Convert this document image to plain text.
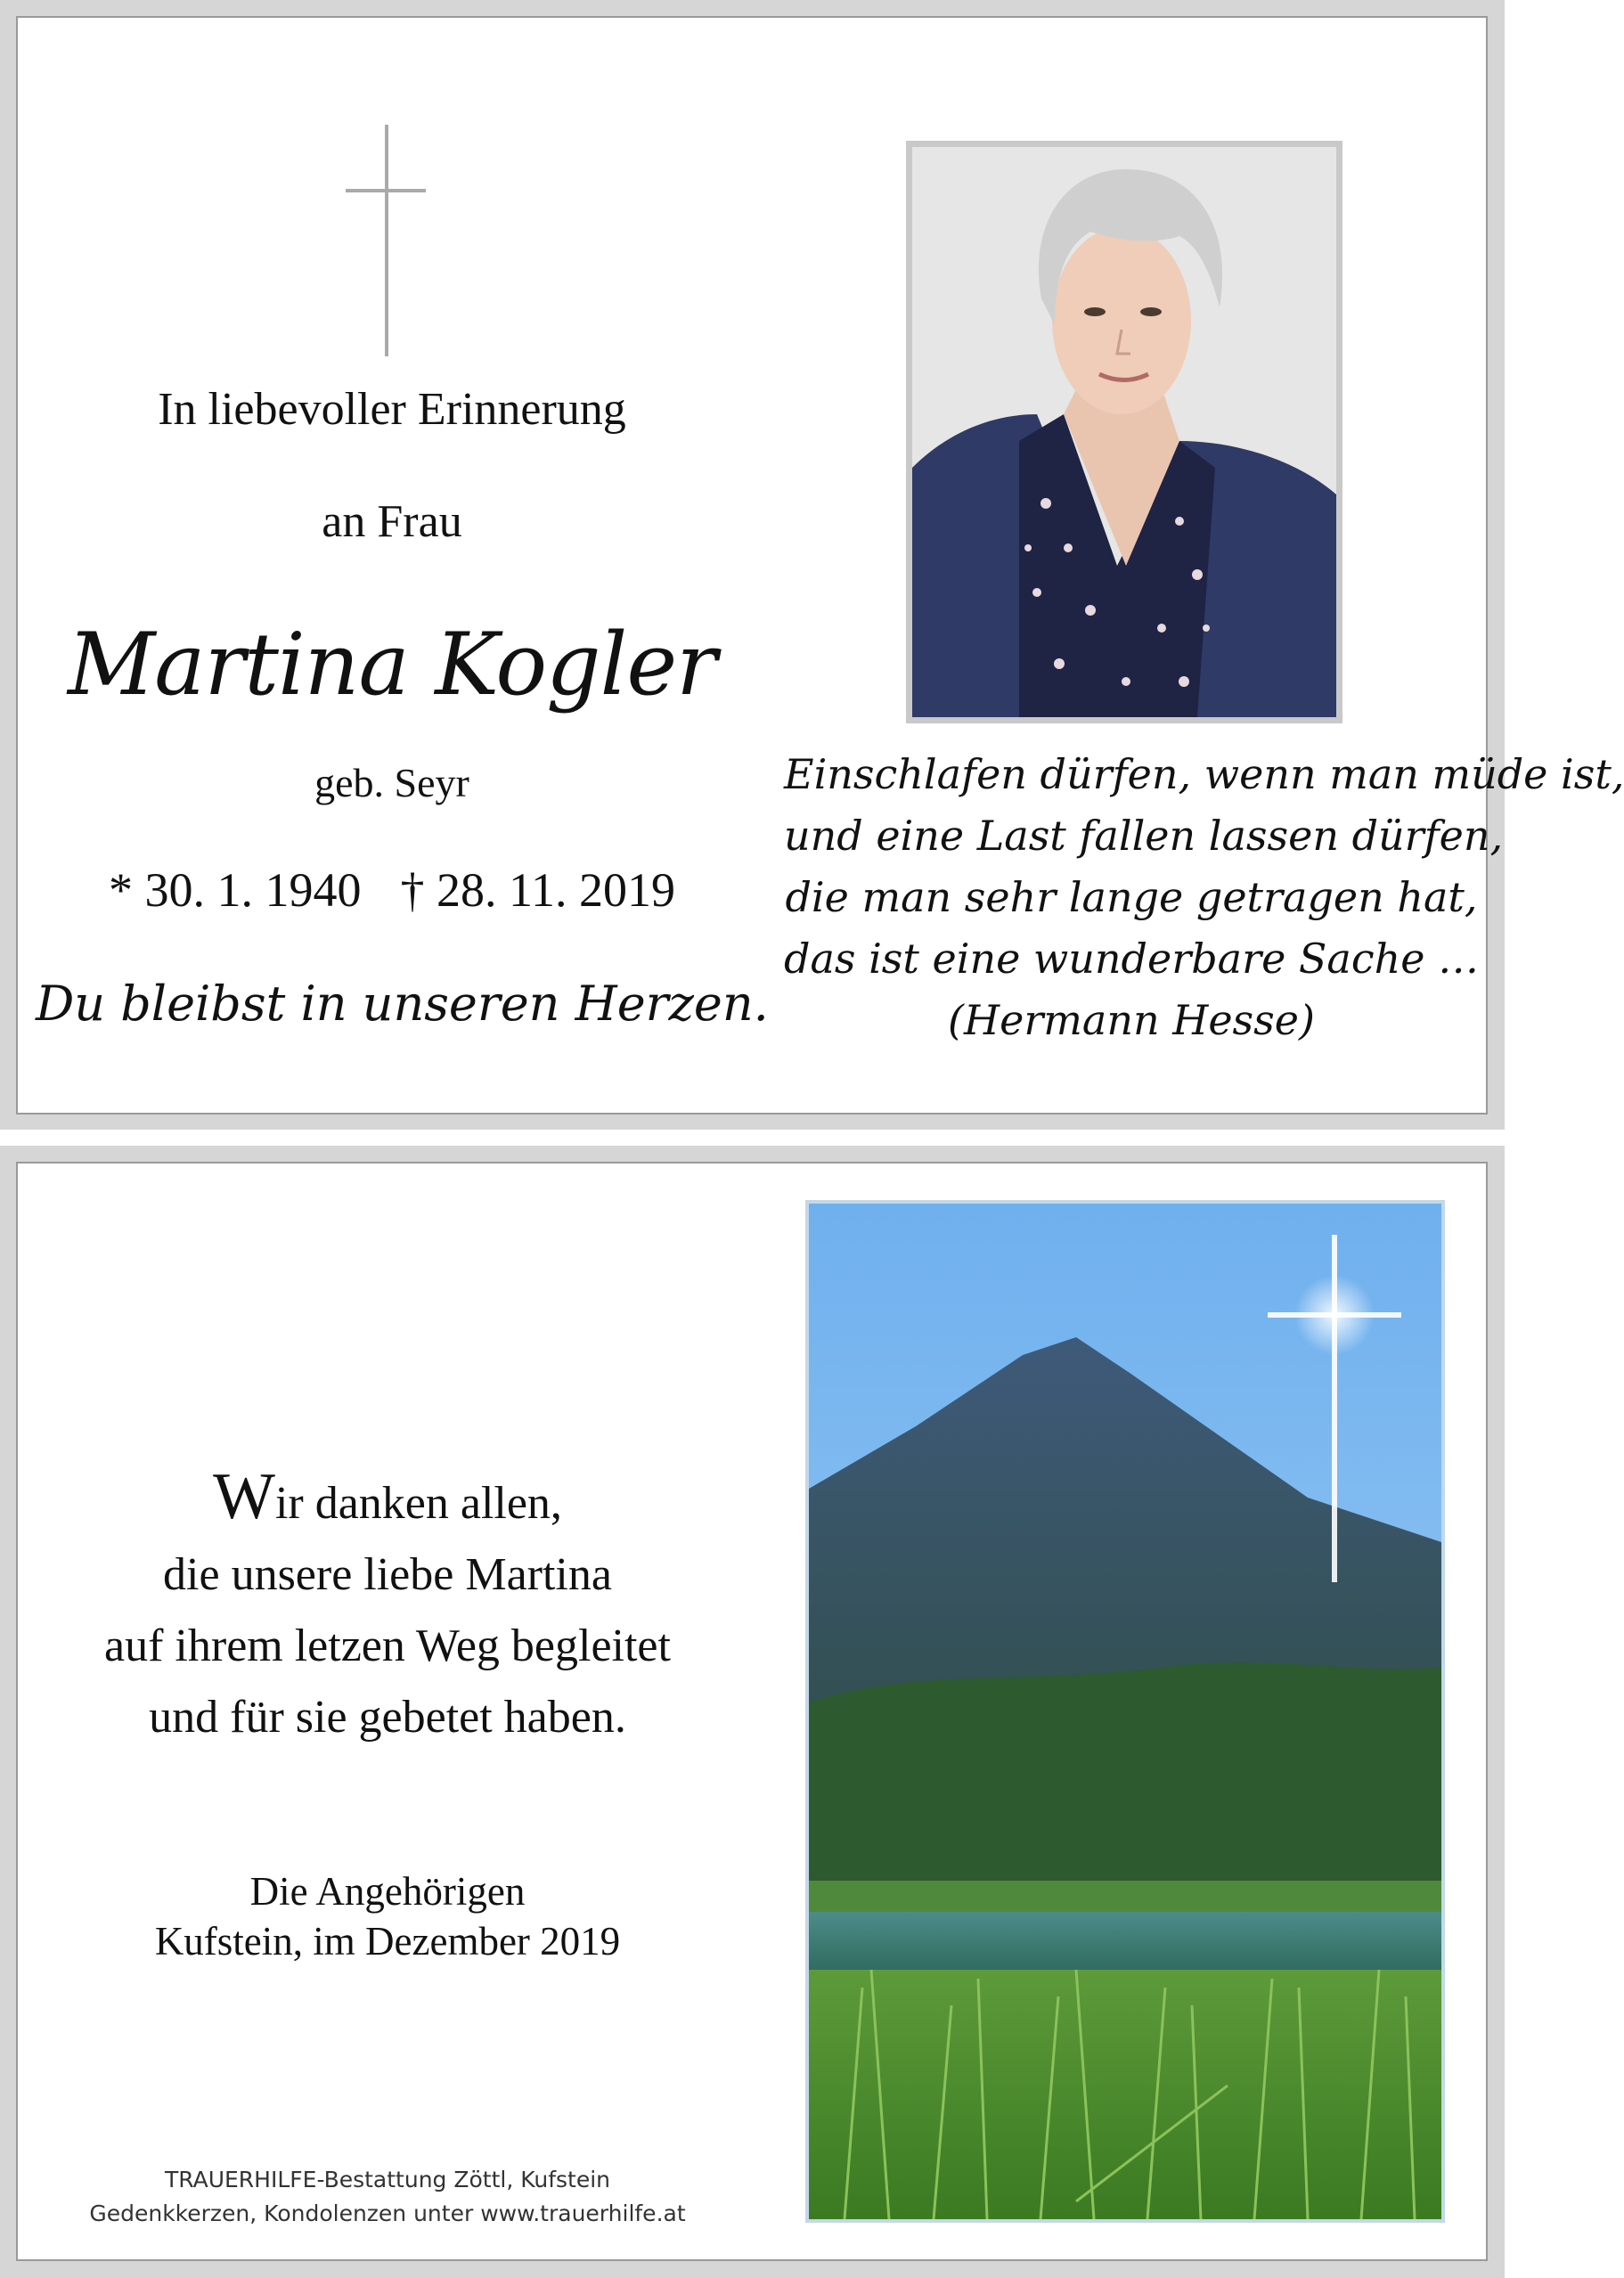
In liebevoller Erinnerung
an Frau
Martina Kogler
geb. Seyr
* 30. 1. 1940 † 28. 11. 2019
Du bleibst in unseren Herzen.
Einschlafen dürfen, wenn man müde ist,
und eine Last fallen lassen dürfen,
die man sehr lange getragen hat,
das ist eine wunderbare Sache …
(Hermann Hesse)
Wir danken allen,
die unsere liebe Martina
auf ihrem letzen Weg begleitet
und für sie gebetet haben.
Die Angehörigen
Kufstein, im Dezember 2019
TRAUERHILFE-Bestattung Zöttl, Kufstein
Gedenkkerzen, Kondolenzen unter www.trauerhilfe.at
